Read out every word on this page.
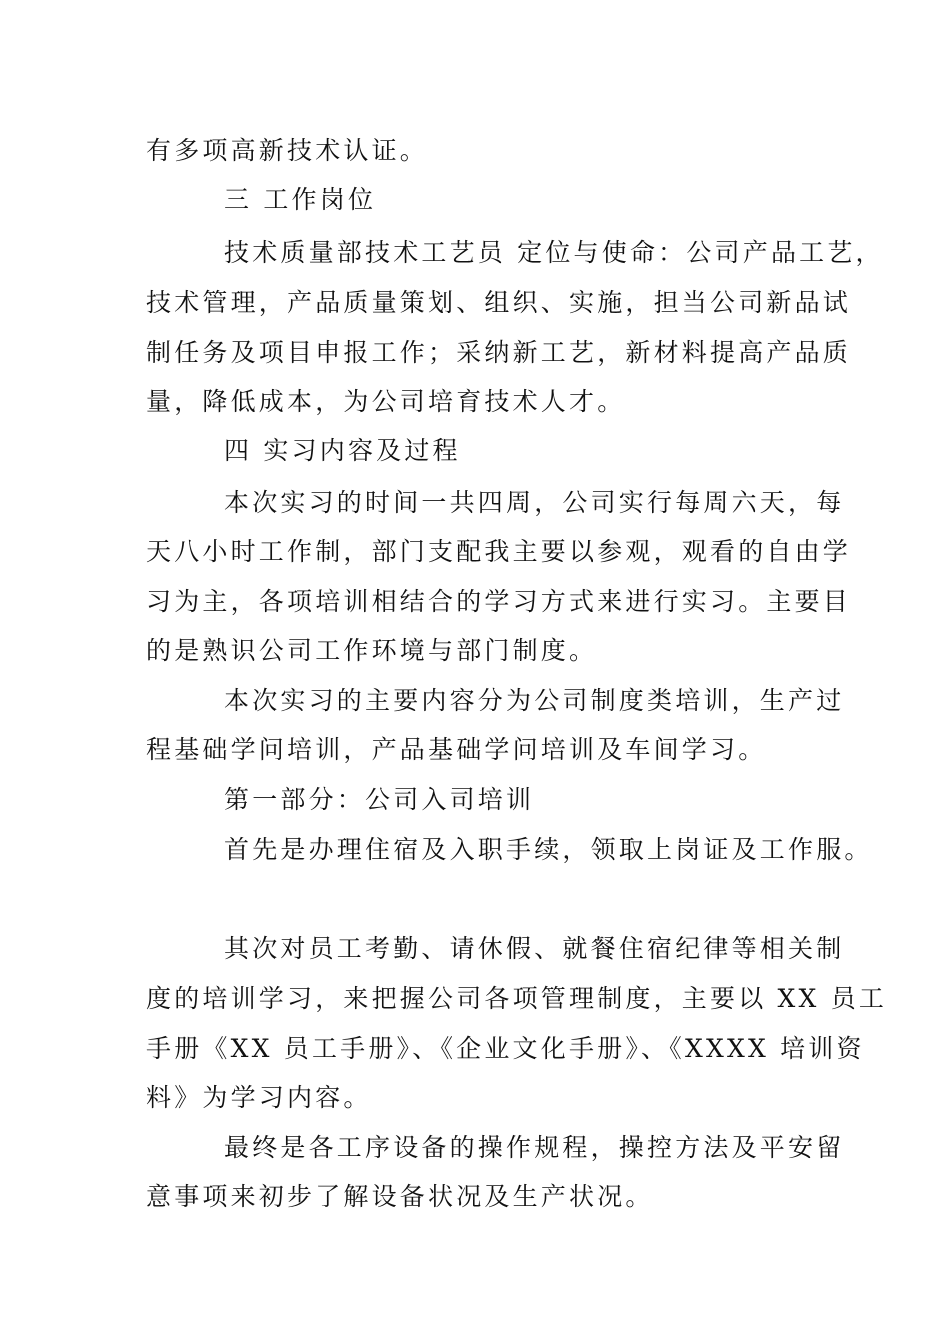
有多项高新技术认证。
三 工作岗位
技术质量部技术工艺员 定位与使命：公司产品工艺，
技术管理，产品质量策划、组织、实施，担当公司新品试
制任务及项目申报工作；采纳新工艺，新材料提高产品质
量，降低成本，为公司培育技术人才。
四 实习内容及过程
本次实习的时间一共四周，公司实行每周六天，每
天八小时工作制，部门支配我主要以参观，观看的自由学
习为主，各项培训相结合的学习方式来进行实习。主要目
的是熟识公司工作环境与部门制度。
本次实习的主要内容分为公司制度类培训，生产过
程基础学问培训，产品基础学问培训及车间学习。
第一部分：公司入司培训
首先是办理住宿及入职手续，领取上岗证及工作服。
其次对员工考勤、请休假、就餐住宿纪律等相关制
度的培训学习，来把握公司各项管理制度，主要以 XX 员工
手册《XX 员工手册》、《企业文化手册》、《XXXX 培训资
料》为学习内容。
最终是各工序设备的操作规程，操控方法及平安留
意事项来初步了解设备状况及生产状况。
